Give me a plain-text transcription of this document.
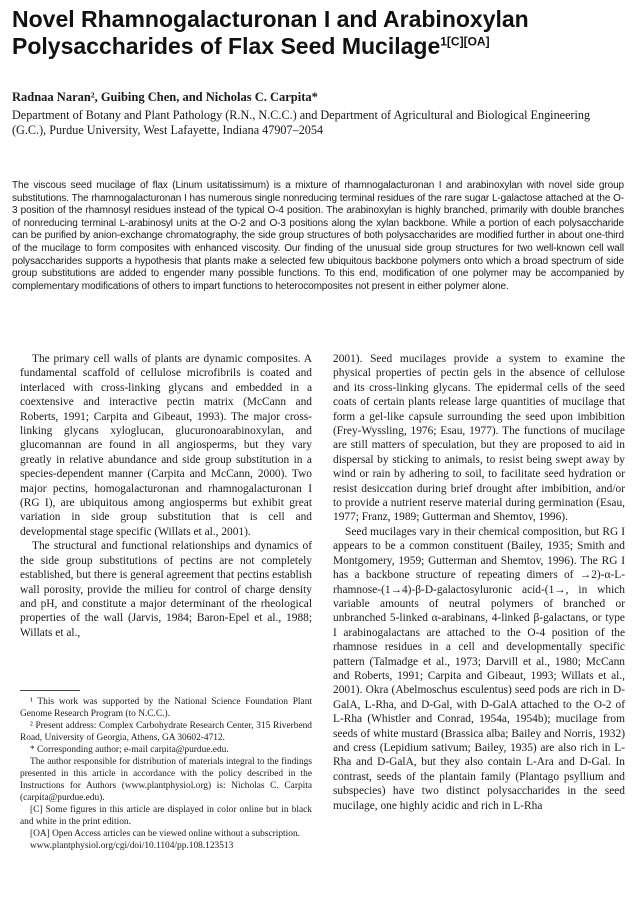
Novel Rhamnogalacturonan I and Arabinoxylan Polysaccharides of Flax Seed Mucilage$^{1[C][OA]}$

Radnaa Naran², Guibing Chen, and Nicholas C. Carpita*

Department of Botany and Plant Pathology (R.N., N.C.C.) and Department of Agricultural and Biological Engineering (G.C.), Purdue University, West Lafayette, Indiana 47907–2054

The viscous seed mucilage of flax (Linum usitatissimum) is a mixture of rhamnogalacturonan I and arabinoxylan with novel side group substitutions. The rhamnogalacturonan I has numerous single nonreducing terminal residues of the rare sugar L-galactose attached at the O-3 position of the rhamnosyl residues instead of the typical O-4 position. The arabinoxylan is highly branched, primarily with double branches of nonreducing terminal L-arabinosyl units at the O-2 and O-3 positions along the xylan backbone. While a portion of each polysaccharide can be purified by anion-exchange chromatography, the side group structures of both polysaccharides are modified further in about one-third of the mucilage to form composites with enhanced viscosity. Our finding of the unusual side group structures for two well-known cell wall polysaccharides supports a hypothesis that plants make a selected few ubiquitous backbone polymers onto which a broad spectrum of side group substitutions are added to engender many possible functions. To this end, modification of one polymer may be accompanied by complementary modifications of others to impart functions to heterocomposites not present in either polymer alone.

The primary cell walls of plants are dynamic composites. A fundamental scaffold of cellulose microfibrils is coated and interlaced with cross-linking glycans and embedded in a coextensive and interactive pectin matrix (McCann and Roberts, 1991; Carpita and Gibeaut, 1993). The major cross-linking glycans xyloglucan, glucuronoarabinoxylan, and glucomannan are found in all angiosperms, but they vary greatly in relative abundance and side group substitution in a species-dependent manner (Carpita and McCann, 2000). Two major pectins, homogalacturonan and rhamnogalacturonan I (RG I), are ubiquitous among angiosperms but exhibit great variation in side group substitution that is cell and developmental stage specific (Willats et al., 2001).

The structural and functional relationships and dynamics of the side group substitutions of pectins are not completely established, but there is general agreement that pectins establish wall porosity, provide the milieu for control of charge density and pH, and constitute a major determinant of the rheological properties of the wall (Jarvis, 1984; Baron-Epel et al., 1988; Willats et al.,

¹ This work was supported by the National Science Foundation Plant Genome Research Program (to N.C.C.).

² Present address: Complex Carbohydrate Research Center, 315 Riverbend Road, University of Georgia, Athens, GA 30602-4712.

* Corresponding author; e-mail carpita@purdue.edu.

The author responsible for distribution of materials integral to the findings presented in this article in accordance with the policy described in the Instructions for Authors (www.plantphysiol.org) is: Nicholas C. Carpita (carpita@purdue.edu).

[C] Some figures in this article are displayed in color online but in black and white in the print edition.

[OA] Open Access articles can be viewed online without a subscription.

www.plantphysiol.org/cgi/doi/10.1104/pp.108.123513

2001). Seed mucilages provide a system to examine the physical properties of pectin gels in the absence of cellulose and its cross-linking glycans. The epidermal cells of the seed coats of certain plants release large quantities of mucilage that form a gel-like capsule surrounding the seed upon imbibition (Frey-Wyssling, 1976; Esau, 1977). The functions of mucilage are still matters of speculation, but they are proposed to aid in dispersal by sticking to animals, to resist being swept away by wind or rain by adhering to soil, to facilitate seed hydration or resist desiccation during brief drought after imbibition, and/or to provide a nutrient reserve material during germination (Esau, 1977; Franz, 1989; Gutterman and Shemtov, 1996).

Seed mucilages vary in their chemical composition, but RG I appears to be a common constituent (Bailey, 1935; Smith and Montgomery, 1959; Gutterman and Shemtov, 1996). The RG I has a backbone structure of repeating dimers of →2)-α-L-rhamnose-(1→4)-β-D-galactosyluronic acid-(1→, in which variable amounts of neutral polymers of branched or unbranched 5-linked α-arabinans, 4-linked β-galactans, or type I arabinogalactans are attached to the O-4 position of the rhamnose residues in a cell and developmentally specific pattern (Talmadge et al., 1973; Darvill et al., 1980; McCann and Roberts, 1991; Carpita and Gibeaut, 1993; Willats et al., 2001). Okra (Abelmoschus esculentus) seed pods are rich in D-GalA, L-Rha, and D-Gal, with D-GalA attached to the O-2 of L-Rha (Whistler and Conrad, 1954a, 1954b); mucilage from seeds of white mustard (Brassica alba; Bailey and Norris, 1932) and cress (Lepidium sativum; Bailey, 1935) are also rich in L-Rha and D-GalA, but they also contain L-Ara and D-Gal. In contrast, seeds of the plantain family (Plantago psyllium and subspecies) have two distinct polysaccharides in the seed mucilage, one highly acidic and rich in L-Rha
